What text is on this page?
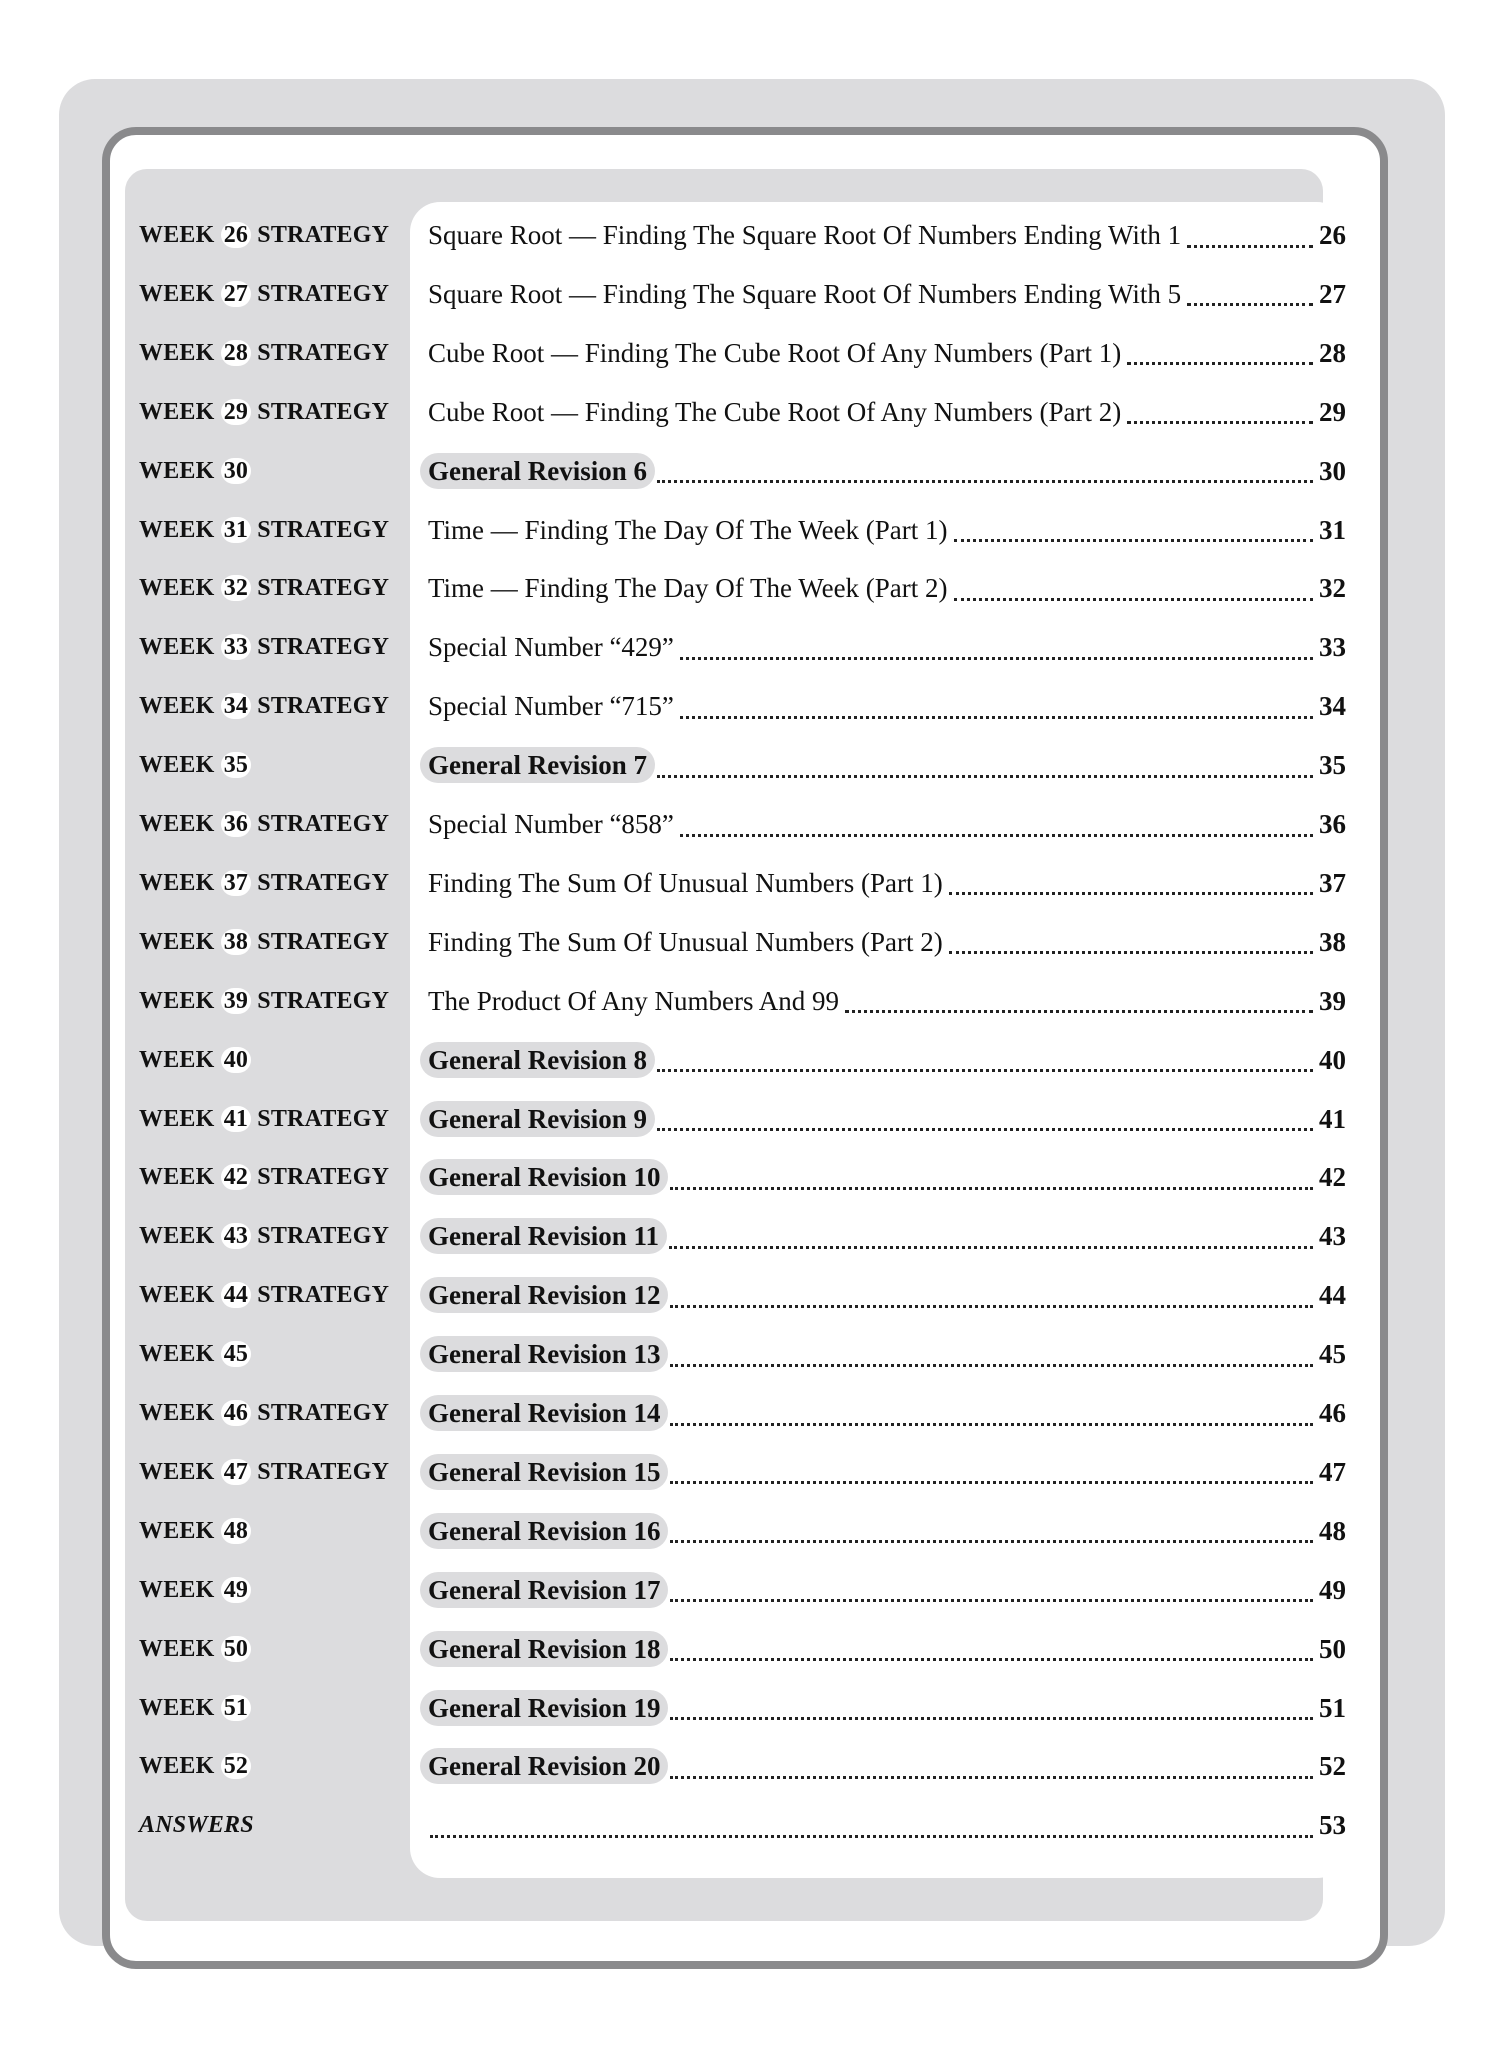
WEEK 26 STRATEGY Square Root — Finding The Square Root Of Numbers Ending With 1	26
WEEK 27 STRATEGY Square Root — Finding The Square Root Of Numbers Ending With 5	27
WEEK 28 STRATEGY Cube Root — Finding The Cube Root Of Any Numbers (Part 1)	28
WEEK 29 STRATEGY Cube Root — Finding The Cube Root Of Any Numbers (Part 2)	29
WEEK 30	General Revision 6	30
WEEK 31 STRATEGY Time — Finding The Day Of The Week (Part 1)	31
WEEK 32 STRATEGY Time — Finding The Day Of The Week (Part 2)	32
WEEK 33 STRATEGY Special Number “429”	33
WEEK 34 STRATEGY Special Number “715”	34
WEEK 35	General Revision 7	35
WEEK 36 STRATEGY Special Number “858”	36
WEEK 37 STRATEGY Finding The Sum Of Unusual Numbers (Part 1)	37
WEEK 38 STRATEGY Finding The Sum Of Unusual Numbers (Part 2)	38
WEEK 39 STRATEGY The Product Of Any Numbers And 99	39
WEEK 40	General Revision 8	40
WEEK 41 STRATEGY General Revision 9	41
WEEK 42 STRATEGY General Revision 10	42
WEEK 43 STRATEGY General Revision 11	43
WEEK 44 STRATEGY General Revision 12	44
WEEK 45	General Revision 13	45
WEEK 46 STRATEGY General Revision 14	46
WEEK 47 STRATEGY General Revision 15	47
WEEK 48	General Revision 16	48
WEEK 49	General Revision 17	49
WEEK 50	General Revision 18	50
WEEK 51	General Revision 19	51
WEEK 52	General Revision 20	52
ANSWERS	53
